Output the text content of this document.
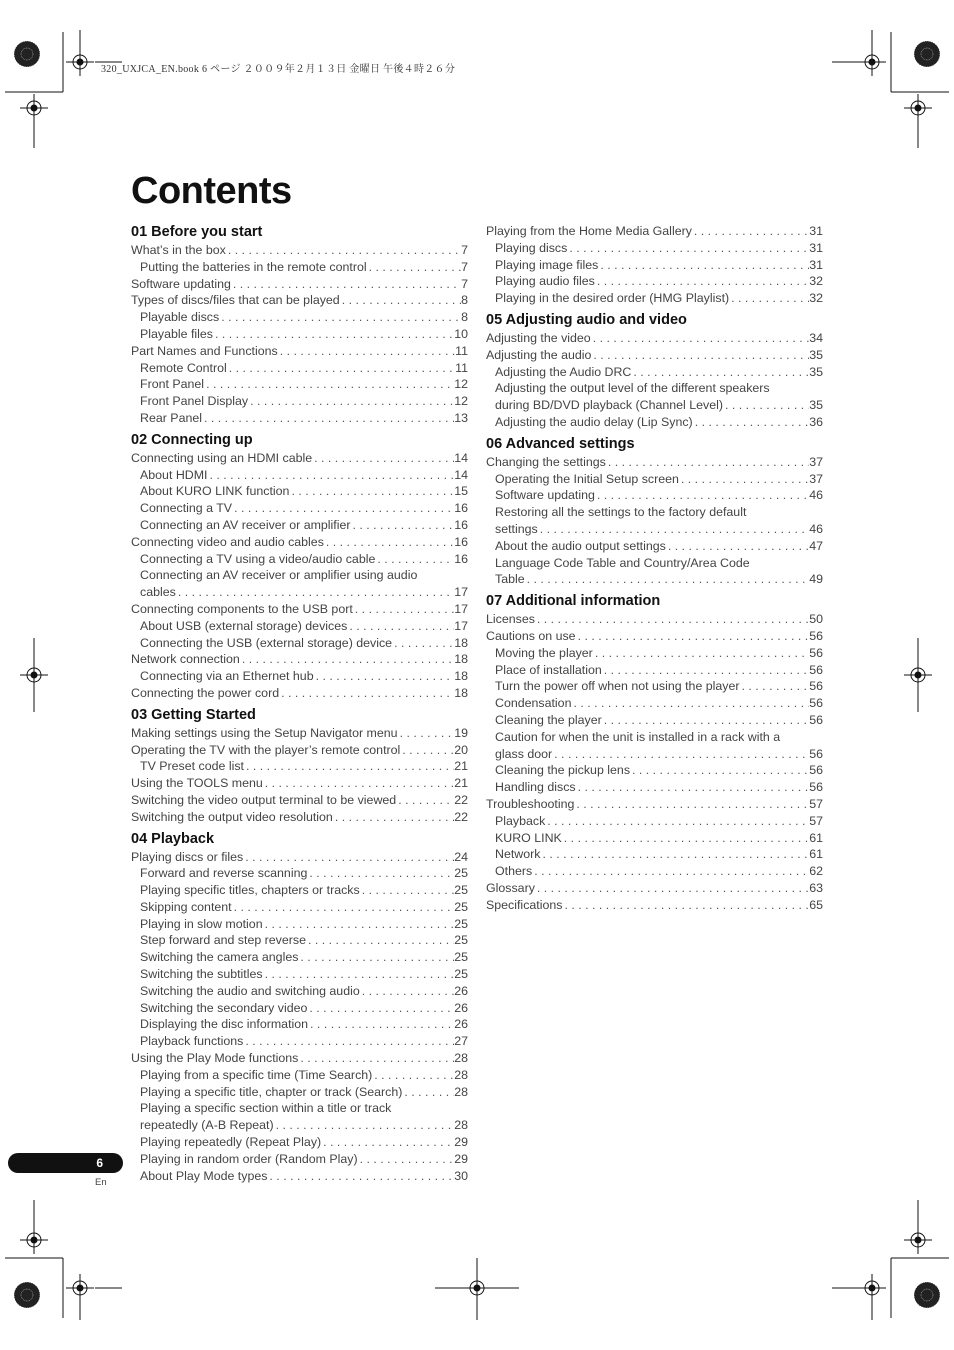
320_UXJCA_EN.book 6 ページ ２００９年２月１３日 金曜日 午後４時２６分
Contents
01 Before you start
What’s in the box . . .	7
Putting the batteries in the remote control . . .	7
Software updating . . .	7
Types of discs/files that can be played . . .	8
Playable discs . . .	8
Playable files . . .	10
Part Names and Functions . . .	11
Remote Control . . .	11
Front Panel . . .	12
Front Panel Display . . .	12
Rear Panel . . .	13
02 Connecting up
Connecting using an HDMI cable . . .	14
About HDMI . . .	14
About KURO LINK function . . .	15
Connecting a TV . . .	16
Connecting an AV receiver or amplifier . . .	16
Connecting video and audio cables . . .	16
Connecting a TV using a video/audio cable . . .	16
Connecting an AV receiver or amplifier using audio
cables . . .	17
Connecting components to the USB port . . .	17
About USB (external storage) devices . . .	17
Connecting the USB (external storage) device . . .	18
Network connection . . .	18
Connecting via an Ethernet hub . . .	18
Connecting the power cord . . .	18
03 Getting Started
Making settings using the Setup Navigator menu . . .	19
Operating the TV with the player’s remote control . . .	20
TV Preset code list . . .	21
Using the TOOLS menu . . .	21
Switching the video output terminal to be viewed . . .	22
Switching the output video resolution . . .	22
04 Playback
Playing discs or files . . .	24
Forward and reverse scanning . . .	25
Playing specific titles, chapters or tracks . . .	25
Skipping content . . .	25
Playing in slow motion . . .	25
Step forward and step reverse . . .	25
Switching the camera angles . . .	25
Switching the subtitles . . .	25
Switching the audio and switching audio . . .	26
Switching the secondary video . . .	26
Displaying the disc information . . .	26
Playback functions . . .	27
Using the Play Mode functions . . .	28
Playing from a specific time (Time Search) . . .	28
Playing a specific title, chapter or track (Search) . . .	28
Playing a specific section within a title or track
repeatedly (A-B Repeat) . . .	28
Playing repeatedly (Repeat Play) . . .	29
Playing in random order (Random Play) . . .	29
About Play Mode types . . .	30
Playing from the Home Media Gallery . . .	31
Playing discs . . .	31
Playing image files . . .	31
Playing audio files . . .	32
Playing in the desired order (HMG Playlist) . . .	32
05 Adjusting audio and video
Adjusting the video . . .	34
Adjusting the audio . . .	35
Adjusting the Audio DRC . . .	35
Adjusting the output level of the different speakers
during BD/DVD playback (Channel Level) . . .	35
Adjusting the audio delay (Lip Sync) . . .	36
06 Advanced settings
Changing the settings . . .	37
Operating the Initial Setup screen . . .	37
Software updating . . .	46
Restoring all the settings to the factory default
settings . . .	46
About the audio output settings . . .	47
Language Code Table and Country/Area Code
Table . . .	49
07 Additional information
Licenses . . .	50
Cautions on use . . .	56
Moving the player . . .	56
Place of installation . . .	56
Turn the power off when not using the player . . .	56
Condensation . . .	56
Cleaning the player . . .	56
Caution for when the unit is installed in a rack with a
glass door . . .	56
Cleaning the pickup lens . . .	56
Handling discs . . .	56
Troubleshooting . . .	57
Playback . . .	57
KURO LINK . . .	61
Network . . .	61
Others . . .	62
Glossary . . .	63
Specifications . . .	65
6
En
